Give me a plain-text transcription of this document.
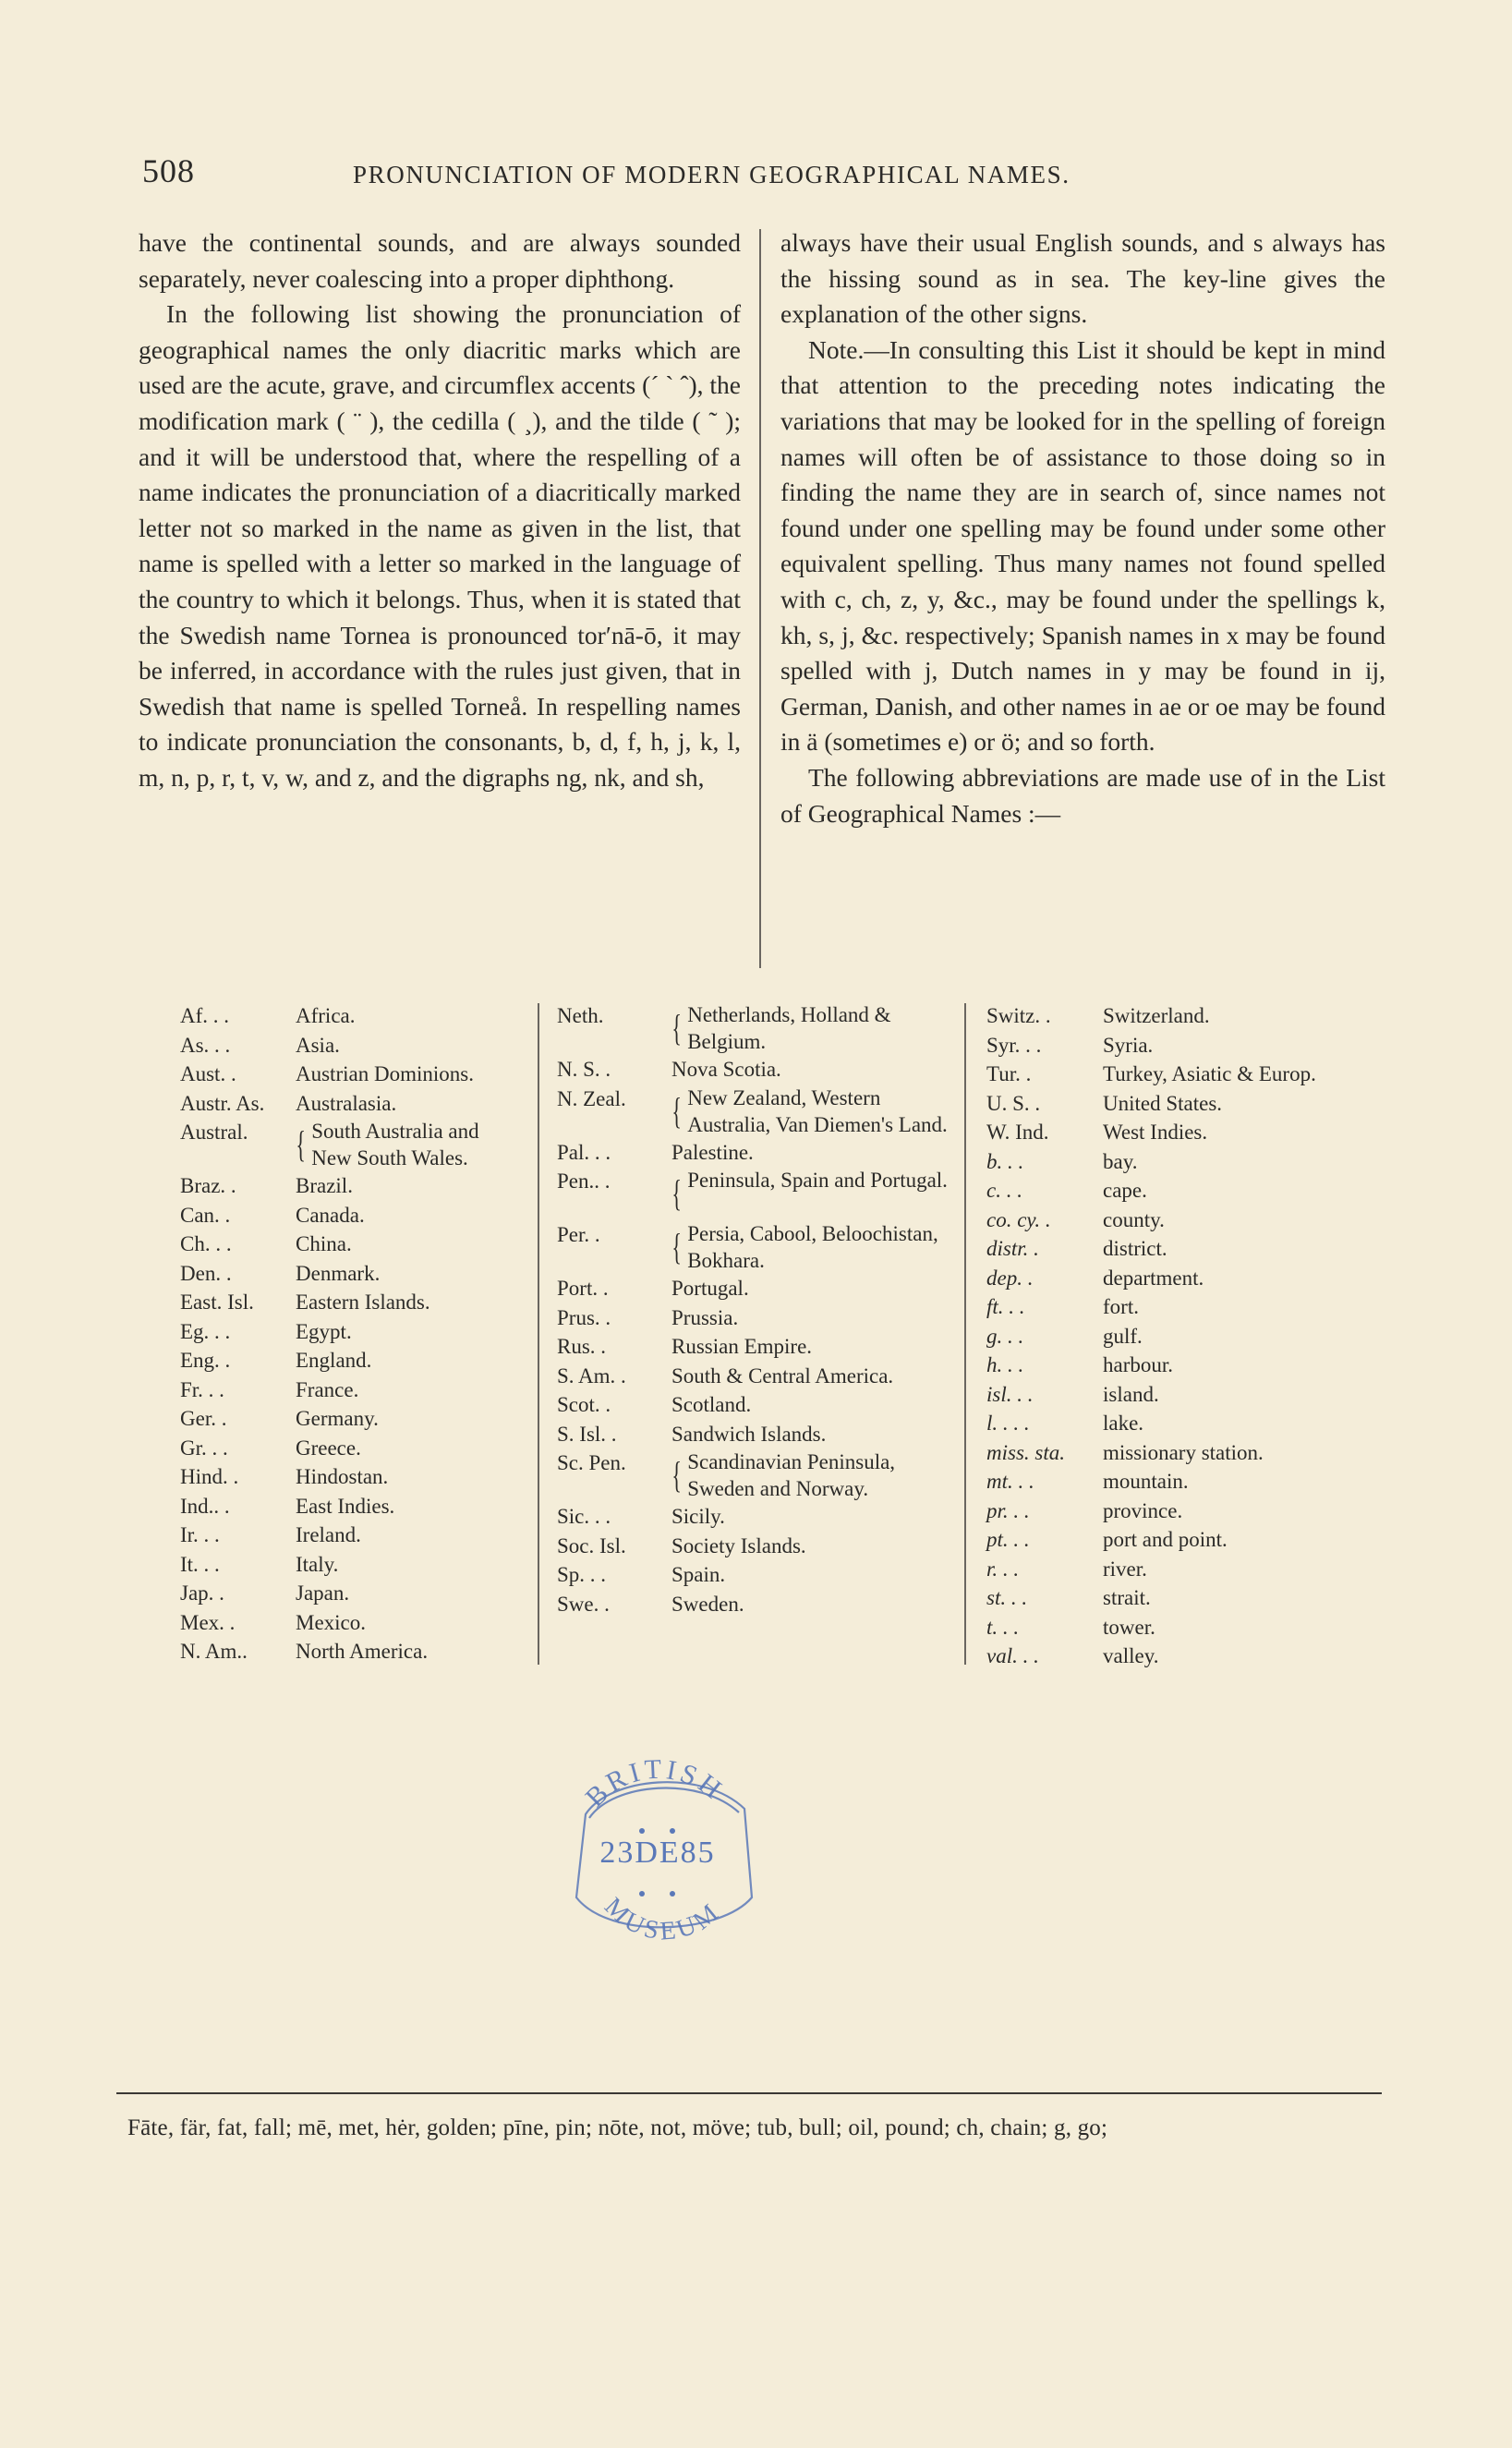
508	PRONUNCIATION OF MODERN GEOGRAPHICAL NAMES.

have the continental sounds, and are always sounded separately, never coalescing into a proper diphthong.

In the following list showing the pronunciation of geographical names the only diacritic marks which are used are the acute, grave, and circumflex accents (ˊ ˋ ˆ), the modification mark ( ¨ ), the cedilla ( ¸), and the tilde ( ˜ ); and it will be understood that, where the respelling of a name indicates the pronunciation of a diacritically marked letter not so marked in the name as given in the list, that name is spelled with a letter so marked in the language of the country to which it belongs. Thus, when it is stated that the Swedish name Tornea is pronounced tor′nā-ō, it may be inferred, in accordance with the rules just given, that in Swedish that name is spelled Torneå. In respelling names to indicate pronunciation the consonants, b, d, f, h, j, k, l, m, n, p, r, t, v, w, and z, and the digraphs ng, nk, and sh,

always have their usual English sounds, and s always has the hissing sound as in sea. The key-line gives the explanation of the other signs.

Note.—In consulting this List it should be kept in mind that attention to the preceding notes indicating the variations that may be looked for in the spelling of foreign names will often be of assistance to those doing so in finding the name they are in search of, since names not found under one spelling may be found under some other equivalent spelling. Thus many names not found spelled with c, ch, z, y, &c., may be found under the spellings k, kh, s, j, &c. respectively; Spanish names in x may be found spelled with j, Dutch names in y may be found in ij, German, Danish, and other names in ae or oe may be found in ä (sometimes e) or ö; and so forth.

The following abbreviations are made use of in the List of Geographical Names :—

Af. . .	Africa.
As. . .	Asia.
Aust. .	Austrian Dominions.
Austr. As.	Australasia.
Austral.	{ South Australia and New South Wales.
Braz. .	Brazil.
Can. .	Canada.
Ch. . .	China.
Den. .	Denmark.
East. Isl.	Eastern Islands.
Eg. . .	Egypt.
Eng. .	England.
Fr. . .	France.
Ger. .	Germany.
Gr. . .	Greece.
Hind. .	Hindostan.
Ind.. .	East Indies.
Ir. . .	Ireland.
It. . .	Italy.
Jap. .	Japan.
Mex. .	Mexico.
N. Am..	North America.
Neth.	{ Netherlands, Holland & Belgium.
N. S. .	Nova Scotia.
N. Zeal.	{ New Zealand, Western Australia, Van Diemen's Land.
Pal. . .	Palestine.
Pen.. .	{ Peninsula, Spain and Portugal.
Per. .	{ Persia, Cabool, Beloochistan, Bokhara.
Port. .	Portugal.
Prus. .	Prussia.
Rus. .	Russian Empire.
S. Am. .	South & Central America.
Scot. .	Scotland.
S. Isl. .	Sandwich Islands.
Sc. Pen.	{ Scandinavian Peninsula, Sweden and Norway.
Sic. . .	Sicily.
Soc. Isl.	Society Islands.
Sp. . .	Spain.
Swe. .	Sweden.
Switz. .	Switzerland.
Syr. . .	Syria.
Tur. .	Turkey, Asiatic & Europ.
U. S. .	United States.
W. Ind.	West Indies.
b. . .	bay.
c. . .	cape.
co. cy. .	county.
distr. .	district.
dep. .	department.
ft. . .	fort.
g. . .	gulf.
h. . .	harbour.
isl. . .	island.
l. . . .	lake.
miss. sta.	missionary station.
mt. . .	mountain.
pr. . .	province.
pt. . .	port and point.
r. . .	river.
st. . .	strait.
t. . .	tower.
val. . .	valley.
BRITISH
23DE85
MUSEUM
Fāte, fär, fat, fall; mē, met, hėr, golden; pīne, pin; nōte, not, möve; tub, bull; oil, pound; ch, chain; g, go;
